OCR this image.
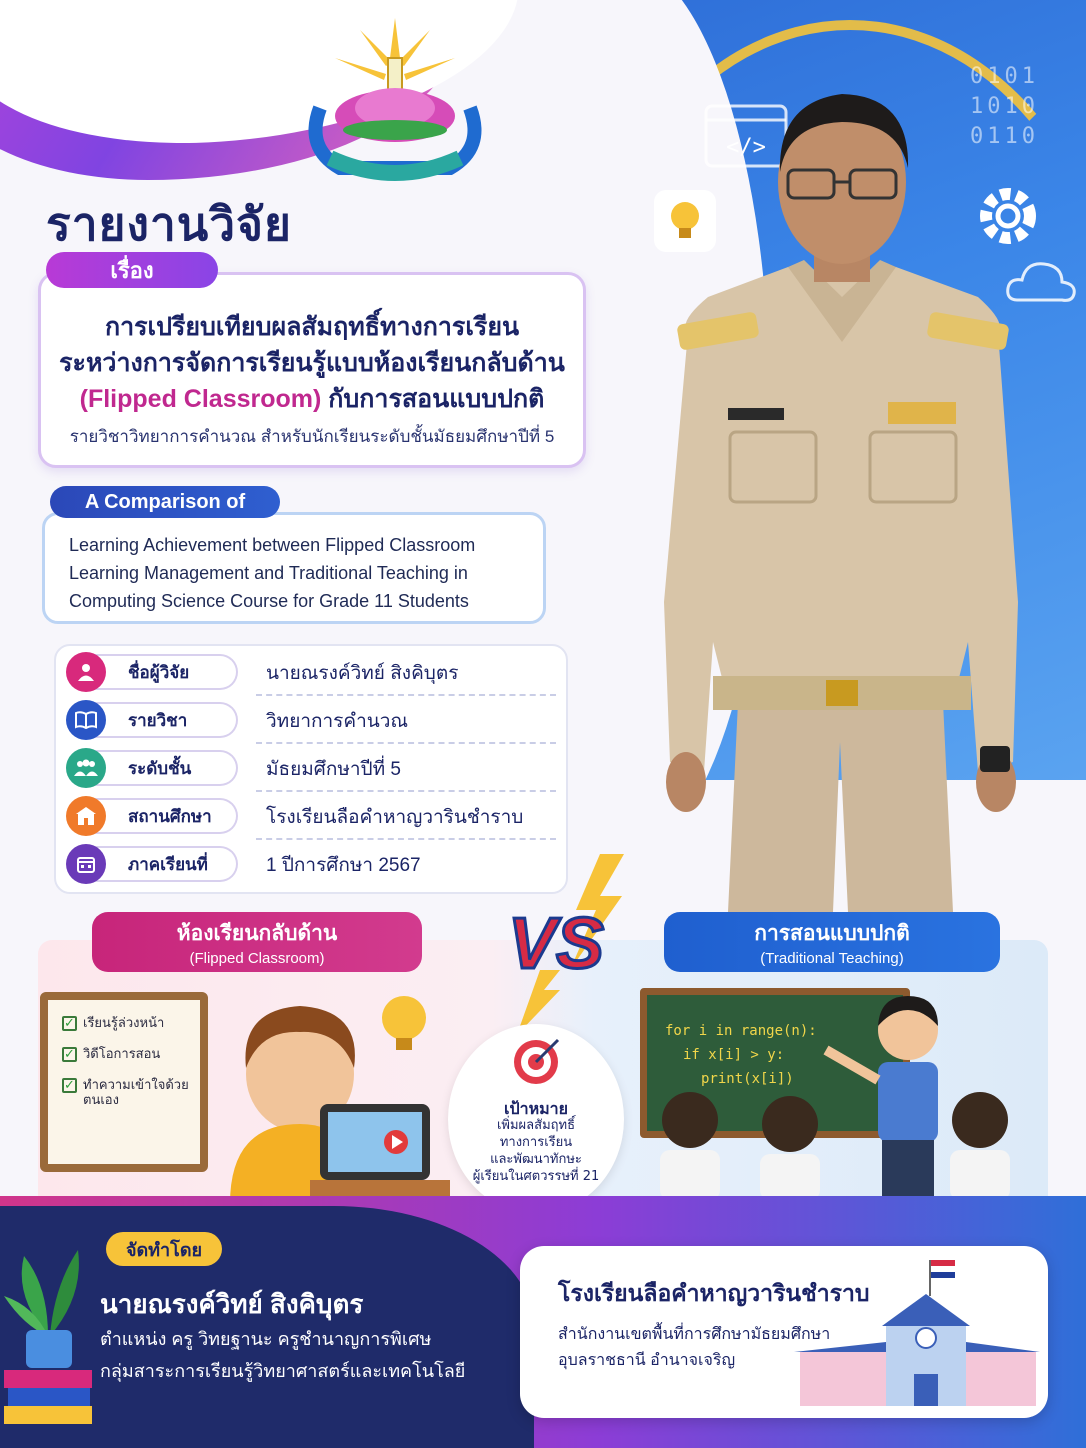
0101
1010
0110
</>
รายงานวิจัย
การเปรียบเทียบผลสัมฤทธิ์ทางการเรียน
ระหว่างการจัดการเรียนรู้แบบห้องเรียนกลับด้าน
(Flipped Classroom) กับการสอนแบบปกติ
รายวิชาวิทยาการคำนวณ สำหรับนักเรียนระดับชั้นมัธยมศึกษาปีที่ 5
เรื่อง
Learning Achievement between Flipped Classroom
Learning Management and Traditional Teaching in
Computing Science Course for Grade 11 Students
A Comparison of
ชื่อผู้วิจัย	นายณรงค์วิทย์ สิงคิบุตร
รายวิชา	วิทยาการคำนวณ
ระดับชั้น	มัธยมศึกษาปีที่ 5
สถานศึกษา	โรงเรียนลือคำหาญวารินชำราบ
ภาคเรียนที่	1 ปีการศึกษา 2567
ห้องเรียนกลับด้าน
(Flipped Classroom)
การสอนแบบปกติ
(Traditional Teaching)
VS
✓ เรียนรู้ล่วงหน้า
✓ วิดีโอการสอน
✓ ทำความเข้าใจด้วยตนเอง	เป้าหมาย
เพิ่มผลสัมฤทธิ์
ทางการเรียน
และพัฒนาทักษะ
ผู้เรียนในศตวรรษที่ 21
for i in range(n):
if x[i] > y:
print(x[i])
จัดทำโดย
นายณรงค์วิทย์ สิงคิบุตร
ตำแหน่ง ครู วิทยฐานะ ครูชำนาญการพิเศษ
กลุ่มสาระการเรียนรู้วิทยาศาสตร์และเทคโนโลยี
โรงเรียนลือคำหาญวารินชำราบ
สำนักงานเขตพื้นที่การศึกษามัธยมศึกษา
อุบลราชธานี อำนาจเจริญ
